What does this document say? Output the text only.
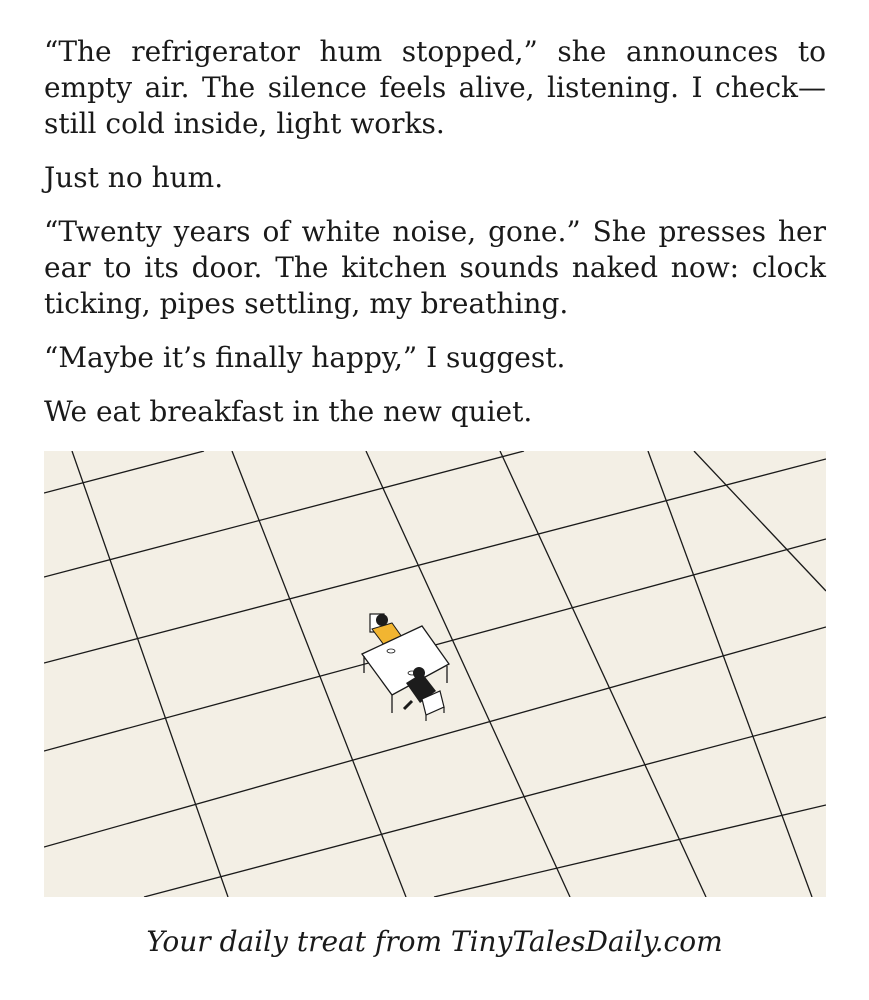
“The refrigerator hum stopped,” she announces to empty air. The silence feels alive, listening. I check—still cold inside, light works.

Just no hum.

“Twenty years of white noise, gone.” She presses her ear to its door. The kitchen sounds naked now: clock ticking, pipes settling, my breathing.

“Maybe it’s finally happy,” I suggest.

We eat breakfast in the new quiet.

Your daily treat from TinyTalesDaily.com
